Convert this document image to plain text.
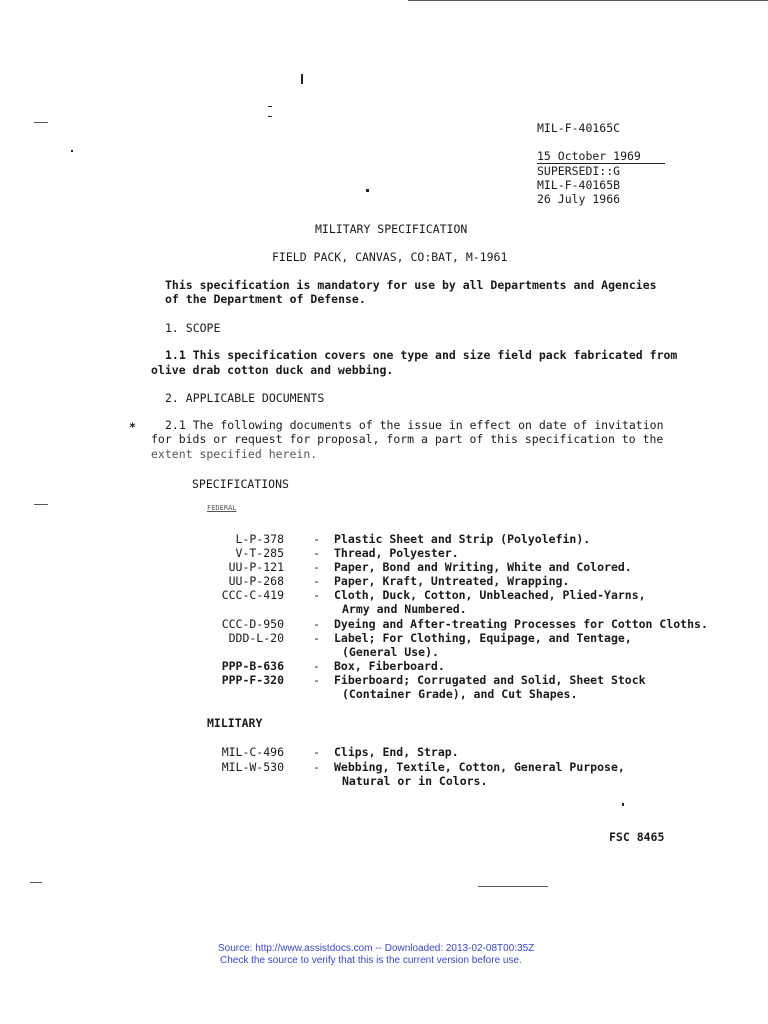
MIL-F-40165C
15 October 1969
SUPERSEDI::G
MIL-F-40165B
26 July 1966
MILITARY SPECIFICATION
FIELD PACK, CANVAS, CO:BAT, M-1961
This specification is mandatory for use by all Departments and Agencies
of the Department of Defense.
1. SCOPE
1.1 This specification covers one type and size field pack fabricated from
olive drab cotton duck and webbing.
2. APPLICABLE DOCUMENTS
*	2.1 The following documents of the issue in effect on date of invitation
for bids or request for proposal, form a part of this specification to the
extent specified herein.
SPECIFICATIONS
FEDERAL
L-P-378	- Plastic Sheet and Strip (Polyolefin).
V-T-285	- Thread, Polyester.
UU-P-121	- Paper, Bond and Writing, White and Colored.
UU-P-268	- Paper, Kraft, Untreated, Wrapping.
CCC-C-419	- Cloth, Duck, Cotton, Unbleached, Plied-Yarns,
Army and Numbered.
CCC-D-950	- Dyeing and After-treating Processes for Cotton Cloths.
DDD-L-20	- Label; For Clothing, Equipage, and Tentage,
(General Use).
PPP-B-636	- Box, Fiberboard.
PPP-F-320	- Fiberboard; Corrugated and Solid, Sheet Stock
(Container Grade), and Cut Shapes.
MILITARY
MIL-C-496	- Clips, End, Strap.
MIL-W-530	- Webbing, Textile, Cotton, General Purpose,
Natural or in Colors.
FSC 8465
Source: http://www.assistdocs.com -- Downloaded: 2013-02-08T00:35Z
Check the source to verify that this is the current version before use.
